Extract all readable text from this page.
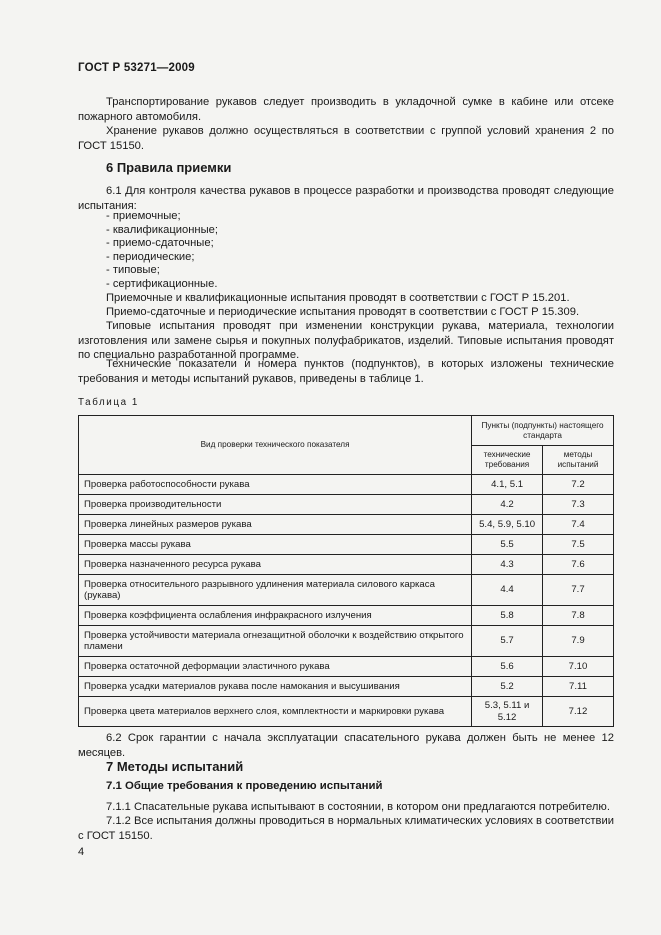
ГОСТ Р 53271—2009

Транспортирование рукавов следует производить в укладочной сумке в кабине или отсеке пожарного автомобиля.

Хранение рукавов должно осуществляться в соответствии с группой условий хранения 2 по ГОСТ 15150.

6 Правила приемки

6.1 Для контроля качества рукавов в процессе разработки и производства проводят следующие испытания:

- приемочные;
- квалификационные;
- приемо-сдаточные;
- периодические;
- типовые;
- сертификационные.

Приемочные и квалификационные испытания проводят в соответствии с ГОСТ Р 15.201.

Приемо-сдаточные и периодические испытания проводят в соответствии с ГОСТ Р 15.309.

Типовые испытания проводят при изменении конструкции рукава, материала, технологии изготовления или замене сырья и покупных полуфабрикатов, изделий. Типовые испытания проводят по специально разработанной программе.

Технические показатели и номера пунктов (подпунктов), в которых изложены технические требования и методы испытаний рукавов, приведены в таблице 1.

Таблица 1
Вид проверки технического показателя	Пункты (подпункты) настоящего стандарта	
	технические требования	методы испытаний
Проверка работоспособности рукава	4.1, 5.1	7.2
Проверка производительности	4.2	7.3
Проверка линейных размеров рукава	5.4, 5.9, 5.10	7.4
Проверка массы рукава	5.5	7.5
Проверка назначенного ресурса рукава	4.3	7.6
Проверка относительного разрывного удлинения материала силового каркаса (рукава)	4.4	7.7
Проверка коэффициента ослабления инфракрасного излучения	5.8	7.8
Проверка устойчивости материала огнезащитной оболочки к воздействию открытого пламени	5.7	7.9
Проверка остаточной деформации эластичного рукава	5.6	7.10
Проверка усадки материалов рукава после намокания и высушивания	5.2	7.11
Проверка цвета материалов верхнего слоя, комплектности и маркировки рукава	5.3, 5.11 и 5.12	7.12

6.2 Срок гарантии с начала эксплуатации спасательного рукава должен быть не менее 12 месяцев.

7 Методы испытаний
7.1 Общие требования к проведению испытаний

7.1.1 Спасательные рукава испытывают в состоянии, в котором они предлагаются потребителю.

7.1.2 Все испытания должны проводиться в нормальных климатических условиях в соответствии с ГОСТ 15150.

4
